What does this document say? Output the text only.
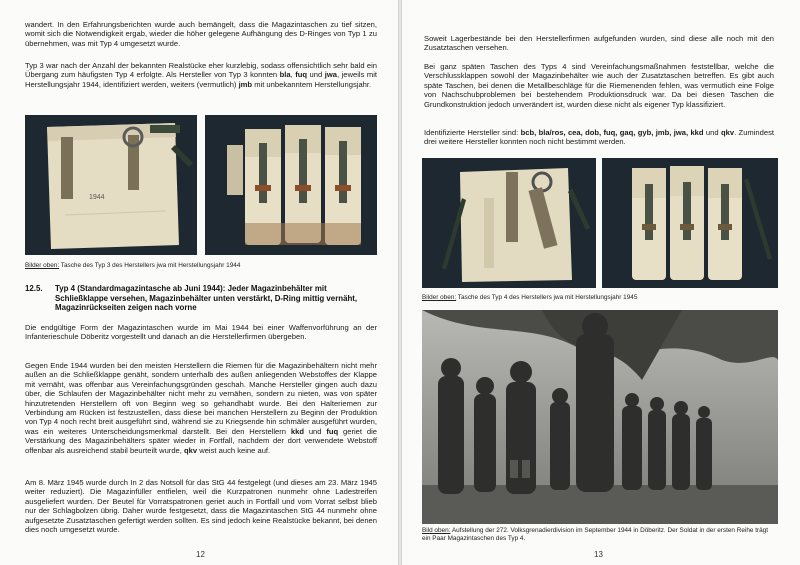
wandert. In den Erfahrungsberichten wurde auch bemängelt, dass die Magazintaschen zu tief sitzen, womit sich die Notwendigkeit ergab, wieder die höher gelegene Aufhängung des D-Ringes von Typ 1 zu übernehmen, was mit Typ 4 umgesetzt wurde.

Typ 3 war nach der Anzahl der bekannten Realstücke eher kurzlebig, sodass offensichtlich sehr bald ein Übergang zum häufigsten Typ 4 erfolgte. Als Hersteller von Typ 3 konnten bla, fuq und jwa, jeweils mit Herstellungsjahr 1944, identifiziert werden, weiters (vermutlich) jmb mit unbekanntem Herstellungsjahr.

1944
Bilder oben: Tasche des Typ 3 des Herstellers jwa mit Herstellungsjahr 1944
12.5.	Typ 4 (Standardmagazintasche ab Juni 1944): Jeder Magazinbehälter mit Schließklappe versehen, Magazinbehälter unten verstärkt, D-Ring mittig vernäht, Magazinrückseiten zeigen nach vorne

Die endgültige Form der Magazintaschen wurde im Mai 1944 bei einer Waffenvorführung an der Infanterieschule Döberitz vorgestellt und danach an die Herstellerfirmen übergeben.

Gegen Ende 1944 wurden bei den meisten Herstellern die Riemen für die Magazinbehältern nicht mehr außen an die Schließklappe genäht, sondern unterhalb des außen anliegenden Webstoffes der Klappe mit vernäht, was offenbar aus Vereinfachungsgründen geschah. Manche Hersteller gingen auch dazu über, die Schlaufen der Magazinbehälter nicht mehr zu vernähen, sondern zu nieten, was von später hinzutretenden Herstellern oft von Beginn weg so gehandhabt wurde. Bei den Halteriemen zur Verbindung am Rücken ist festzustellen, dass diese bei manchen Herstellern zu Beginn der Produktion von Typ 4 noch recht breit ausgeführt sind, während sie zu Kriegsende hin schmäler ausgeführt wurden, was ein weiteres Unterscheidungsmerkmal darstellt. Bei den Herstellern kkd und fuq geriet die Verstärkung des Magazinbehälters später wieder in Fortfall, nachdem der dort verwendete Webstoff offenbar als ausreichend stabil beurteilt wurde, qkv weist auch keine auf.

Am 8. März 1945 wurde durch In 2 das Notsoll für das StG 44 festgelegt (und dieses am 23. März 1945 weiter reduziert). Die Magazinfüller entfielen, weil die Kurzpatronen nunmehr ohne Ladestreifen ausgeliefert wurden. Der Beutel für Vorratspatronen geriet auch in Fortfall und vom Vorrat selbst blieb nur der Schlagbolzen übrig. Daher wurde festgesetzt, dass die Magazintaschen StG 44 nunmehr ohne aufgesetzte Zusatztaschen gefertigt werden sollten. Es sind jedoch keine Realstücke bekannt, bei denen dies noch umgesetzt wurde.

12

Soweit Lagerbestände bei den Herstellerfirmen aufgefunden wurden, sind diese alle noch mit den Zusatztaschen versehen.

Bei ganz späten Taschen des Typs 4 sind Vereinfachungsmaßnahmen feststellbar, welche die Verschlussklappen sowohl der Magazinbehälter wie auch der Zusatztaschen betreffen. Es gibt auch späte Taschen, bei denen die Metallbeschläge für die Riemenenden fehlen, was vermutlich eine Folge von Nachschubproblemen bei bestehendem Produktionsdruck war. Da bei diesen Taschen die Grundkonstruktion jedoch unverändert ist, wurden diese nicht als eigener Typ klassifiziert.

Identifizierte Hersteller sind: bcb, bla/ros, cea, dob, fuq, gaq, gyb, jmb, jwa, kkd und qkv. Zumindest drei weitere Hersteller konnten noch nicht bestimmt werden.

Bilder oben: Tasche des Typ 4 des Herstellers jwa mit Herstellungsjahr 1945
Bild oben: Aufstellung der 272. Volksgrenadierdivision im September 1944 in Döberitz. Der Soldat in der ersten Reihe trägt ein Paar Magazintaschen des Typ 4.
13
